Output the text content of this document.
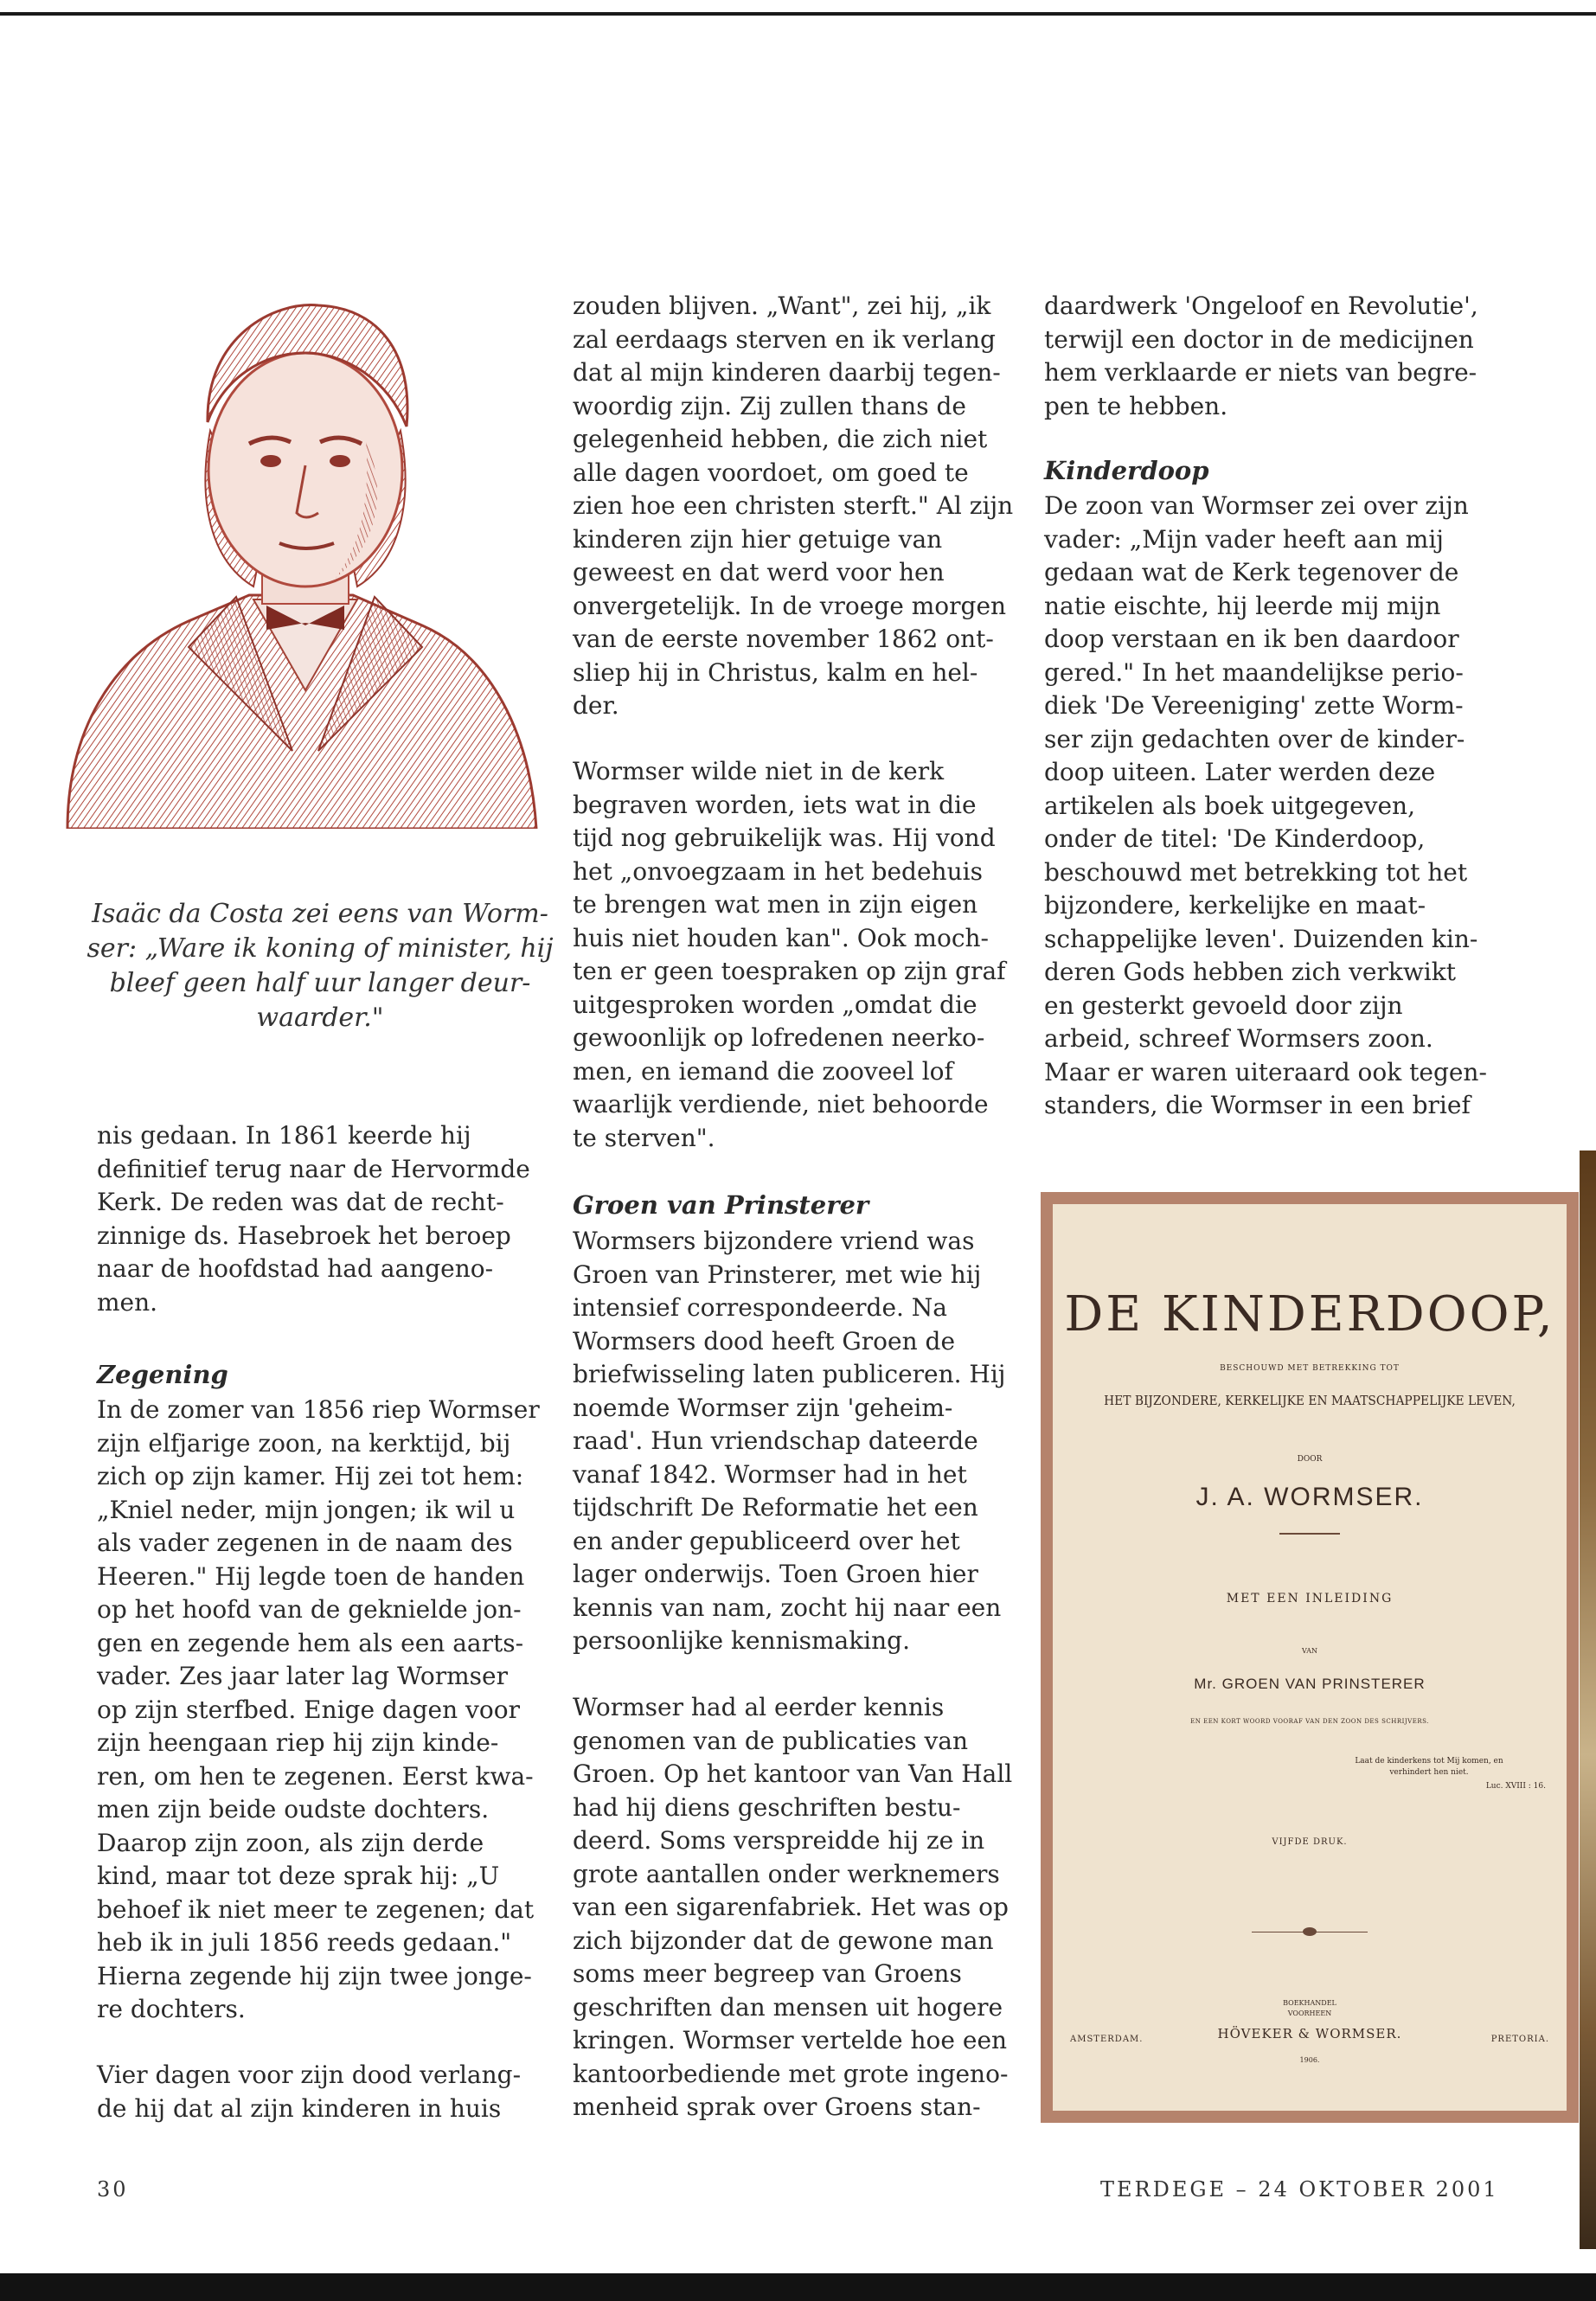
Isaäc da Costa zei eens van Worm-
ser: „Ware ik koning of minister, hij
bleef geen half uur langer deur-
waarder."

nis gedaan. In 1861 keerde hij
definitief terug naar de Hervormde
Kerk. De reden was dat de recht-
zinnige ds. Hasebroek het beroep
naar de hoofdstad had aangeno-
men.

Zegening

In de zomer van 1856 riep Wormser
zijn elfjarige zoon, na kerktijd, bij
zich op zijn kamer. Hij zei tot hem:
„Kniel neder, mijn jongen; ik wil u
als vader zegenen in de naam des
Heeren." Hij legde toen de handen
op het hoofd van de geknielde jon-
gen en zegende hem als een aarts-
vader. Zes jaar later lag Wormser
op zijn sterfbed. Enige dagen voor
zijn heengaan riep hij zijn kinde-
ren, om hen te zegenen. Eerst kwa-
men zijn beide oudste dochters.
Daarop zijn zoon, als zijn derde
kind, maar tot deze sprak hij: „U
behoef ik niet meer te zegenen; dat
heb ik in juli 1856 reeds gedaan."
Hierna zegende hij zijn twee jonge-
re dochters.

Vier dagen voor zijn dood verlang-
de hij dat al zijn kinderen in huis

zouden blijven. „Want", zei hij, „ik
zal eerdaags sterven en ik verlang
dat al mijn kinderen daarbij tegen-
woordig zijn. Zij zullen thans de
gelegenheid hebben, die zich niet
alle dagen voordoet, om goed te
zien hoe een christen sterft." Al zijn
kinderen zijn hier getuige van
geweest en dat werd voor hen
onvergetelijk. In de vroege morgen
van de eerste november 1862 ont-
sliep hij in Christus, kalm en hel-
der.

Wormser wilde niet in de kerk
begraven worden, iets wat in die
tijd nog gebruikelijk was. Hij vond
het „onvoegzaam in het bedehuis
te brengen wat men in zijn eigen
huis niet houden kan". Ook moch-
ten er geen toespraken op zijn graf
uitgesproken worden „omdat die
gewoonlijk op lofredenen neerko-
men, en iemand die zooveel lof
waarlijk verdiende, niet behoorde
te sterven".

Groen van Prinsterer

Wormsers bijzondere vriend was
Groen van Prinsterer, met wie hij
intensief correspondeerde. Na
Wormsers dood heeft Groen de
briefwisseling laten publiceren. Hij
noemde Wormser zijn 'geheim-
raad'. Hun vriendschap dateerde
vanaf 1842. Wormser had in het
tijdschrift De Reformatie het een
en ander gepubliceerd over het
lager onderwijs. Toen Groen hier
kennis van nam, zocht hij naar een
persoonlijke kennismaking.

Wormser had al eerder kennis
genomen van de publicaties van
Groen. Op het kantoor van Van Hall
had hij diens geschriften bestu-
deerd. Soms verspreidde hij ze in
grote aantallen onder werknemers
van een sigarenfabriek. Het was op
zich bijzonder dat de gewone man
soms meer begreep van Groens
geschriften dan mensen uit hogere
kringen. Wormser vertelde hoe een
kantoorbediende met grote ingeno-
menheid sprak over Groens stan-

daardwerk 'Ongeloof en Revolutie',
terwijl een doctor in de medicijnen
hem verklaarde er niets van begre-
pen te hebben.

Kinderdoop

De zoon van Wormser zei over zijn
vader: „Mijn vader heeft aan mij
gedaan wat de Kerk tegenover de
natie eischte, hij leerde mij mijn
doop verstaan en ik ben daardoor
gered." In het maandelijkse perio-
diek 'De Vereeniging' zette Worm-
ser zijn gedachten over de kinder-
doop uiteen. Later werden deze
artikelen als boek uitgegeven,
onder de titel: 'De Kinderdoop,
beschouwd met betrekking tot het
bijzondere, kerkelijke en maat-
schappelijke leven'. Duizenden kin-
deren Gods hebben zich verkwikt
en gesterkt gevoeld door zijn
arbeid, schreef Wormsers zoon.
Maar er waren uiteraard ook tegen-
standers, die Wormser in een brief

DE KINDERDOOP,

BESCHOUWD MET BETREKKING TOT

HET BIJZONDERE, KERKELIJKE EN MAATSCHAPPELIJKE LEVEN,

DOOR

J. A. WORMSER.

MET EEN INLEIDING

VAN

Mr. GROEN VAN PRINSTERER

EN EEN KORT WOORD VOORAF VAN DEN ZOON DES SCHRIJVERS.

Laat de kinderkens tot Mij komen, en
verhindert hen niet.

Luc. XVIII : 16.

VIJFDE DRUK.

BOEKHANDEL
VOORHEEN

AMSTERDAM.	PRETORIA.

HÖVEKER & WORMSER.

1906.

30	TERDEGE – 24 OKTOBER 2001
